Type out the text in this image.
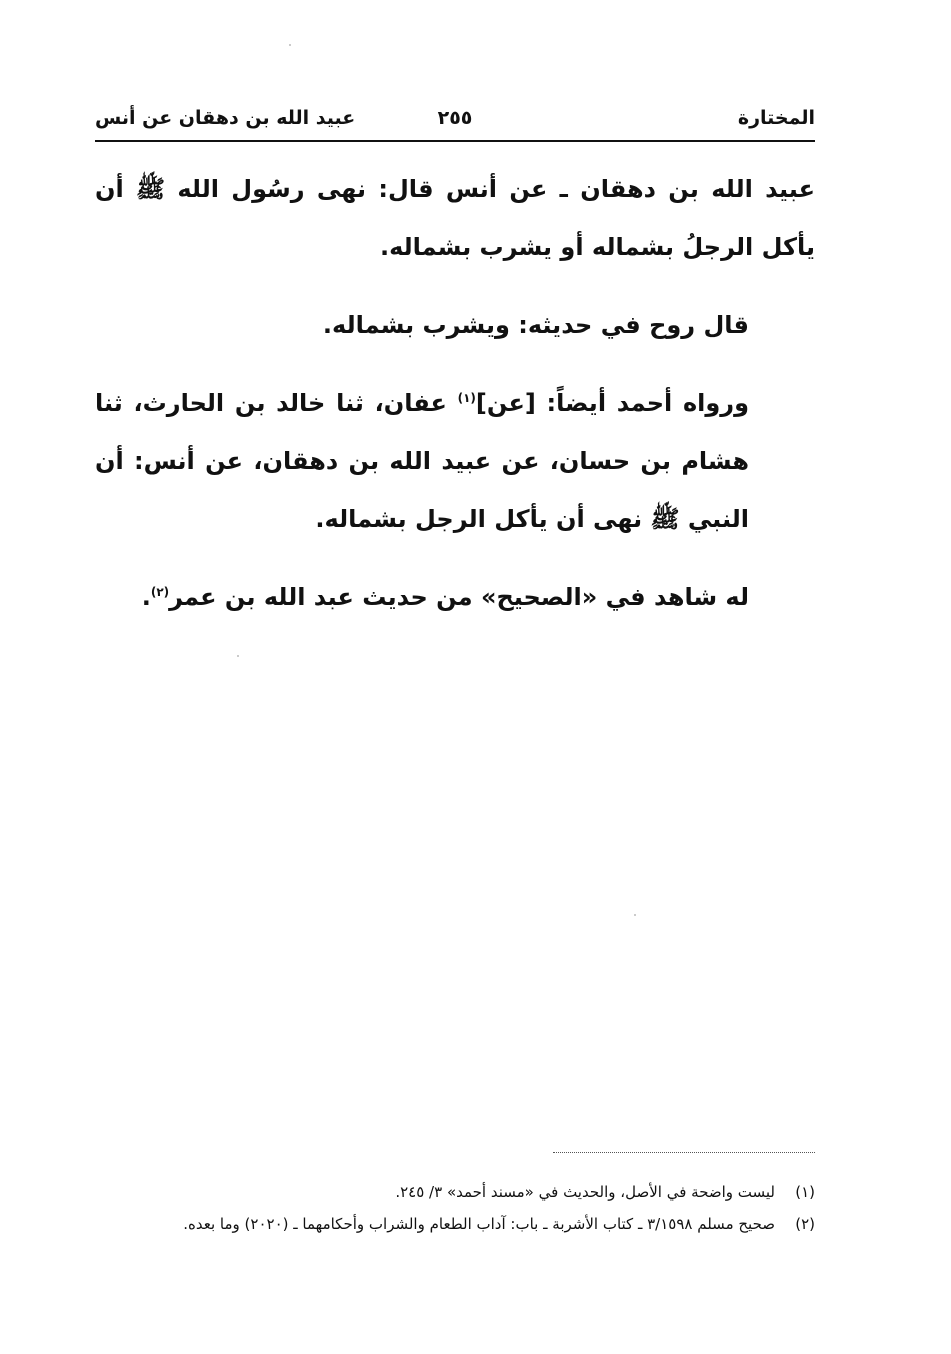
المختارة
٢٥٥
عبيد الله بن دهقان عن أنس

عبيد الله بن دهقان ـ عن أنس قال: نهى رسُول الله ﷺ أن يأكل الرجلُ بشماله أو يشرب بشماله.

قال روح في حديثه: ويشرب بشماله.

ورواه أحمد أيضاً: [عن]$^{(١)}$ عفان، ثنا خالد بن الحارث، ثنا هشام بن حسان، عن عبيد الله بن دهقان، عن أنس: أن النبي ﷺ نهى أن يأكل الرجل بشماله.

له شاهد في «الصحيح» من حديث عبد الله بن عمر$^{(٢)}$.

(١)
ليست واضحة في الأصل، والحديث في «مسند أحمد» ٣/ ٢٤٥.
(٢)
صحيح مسلم ٣/١٥٩٨ ـ كتاب الأشربة ـ باب: آداب الطعام والشراب وأحكامهما ـ (٢٠٢٠) وما بعده.
